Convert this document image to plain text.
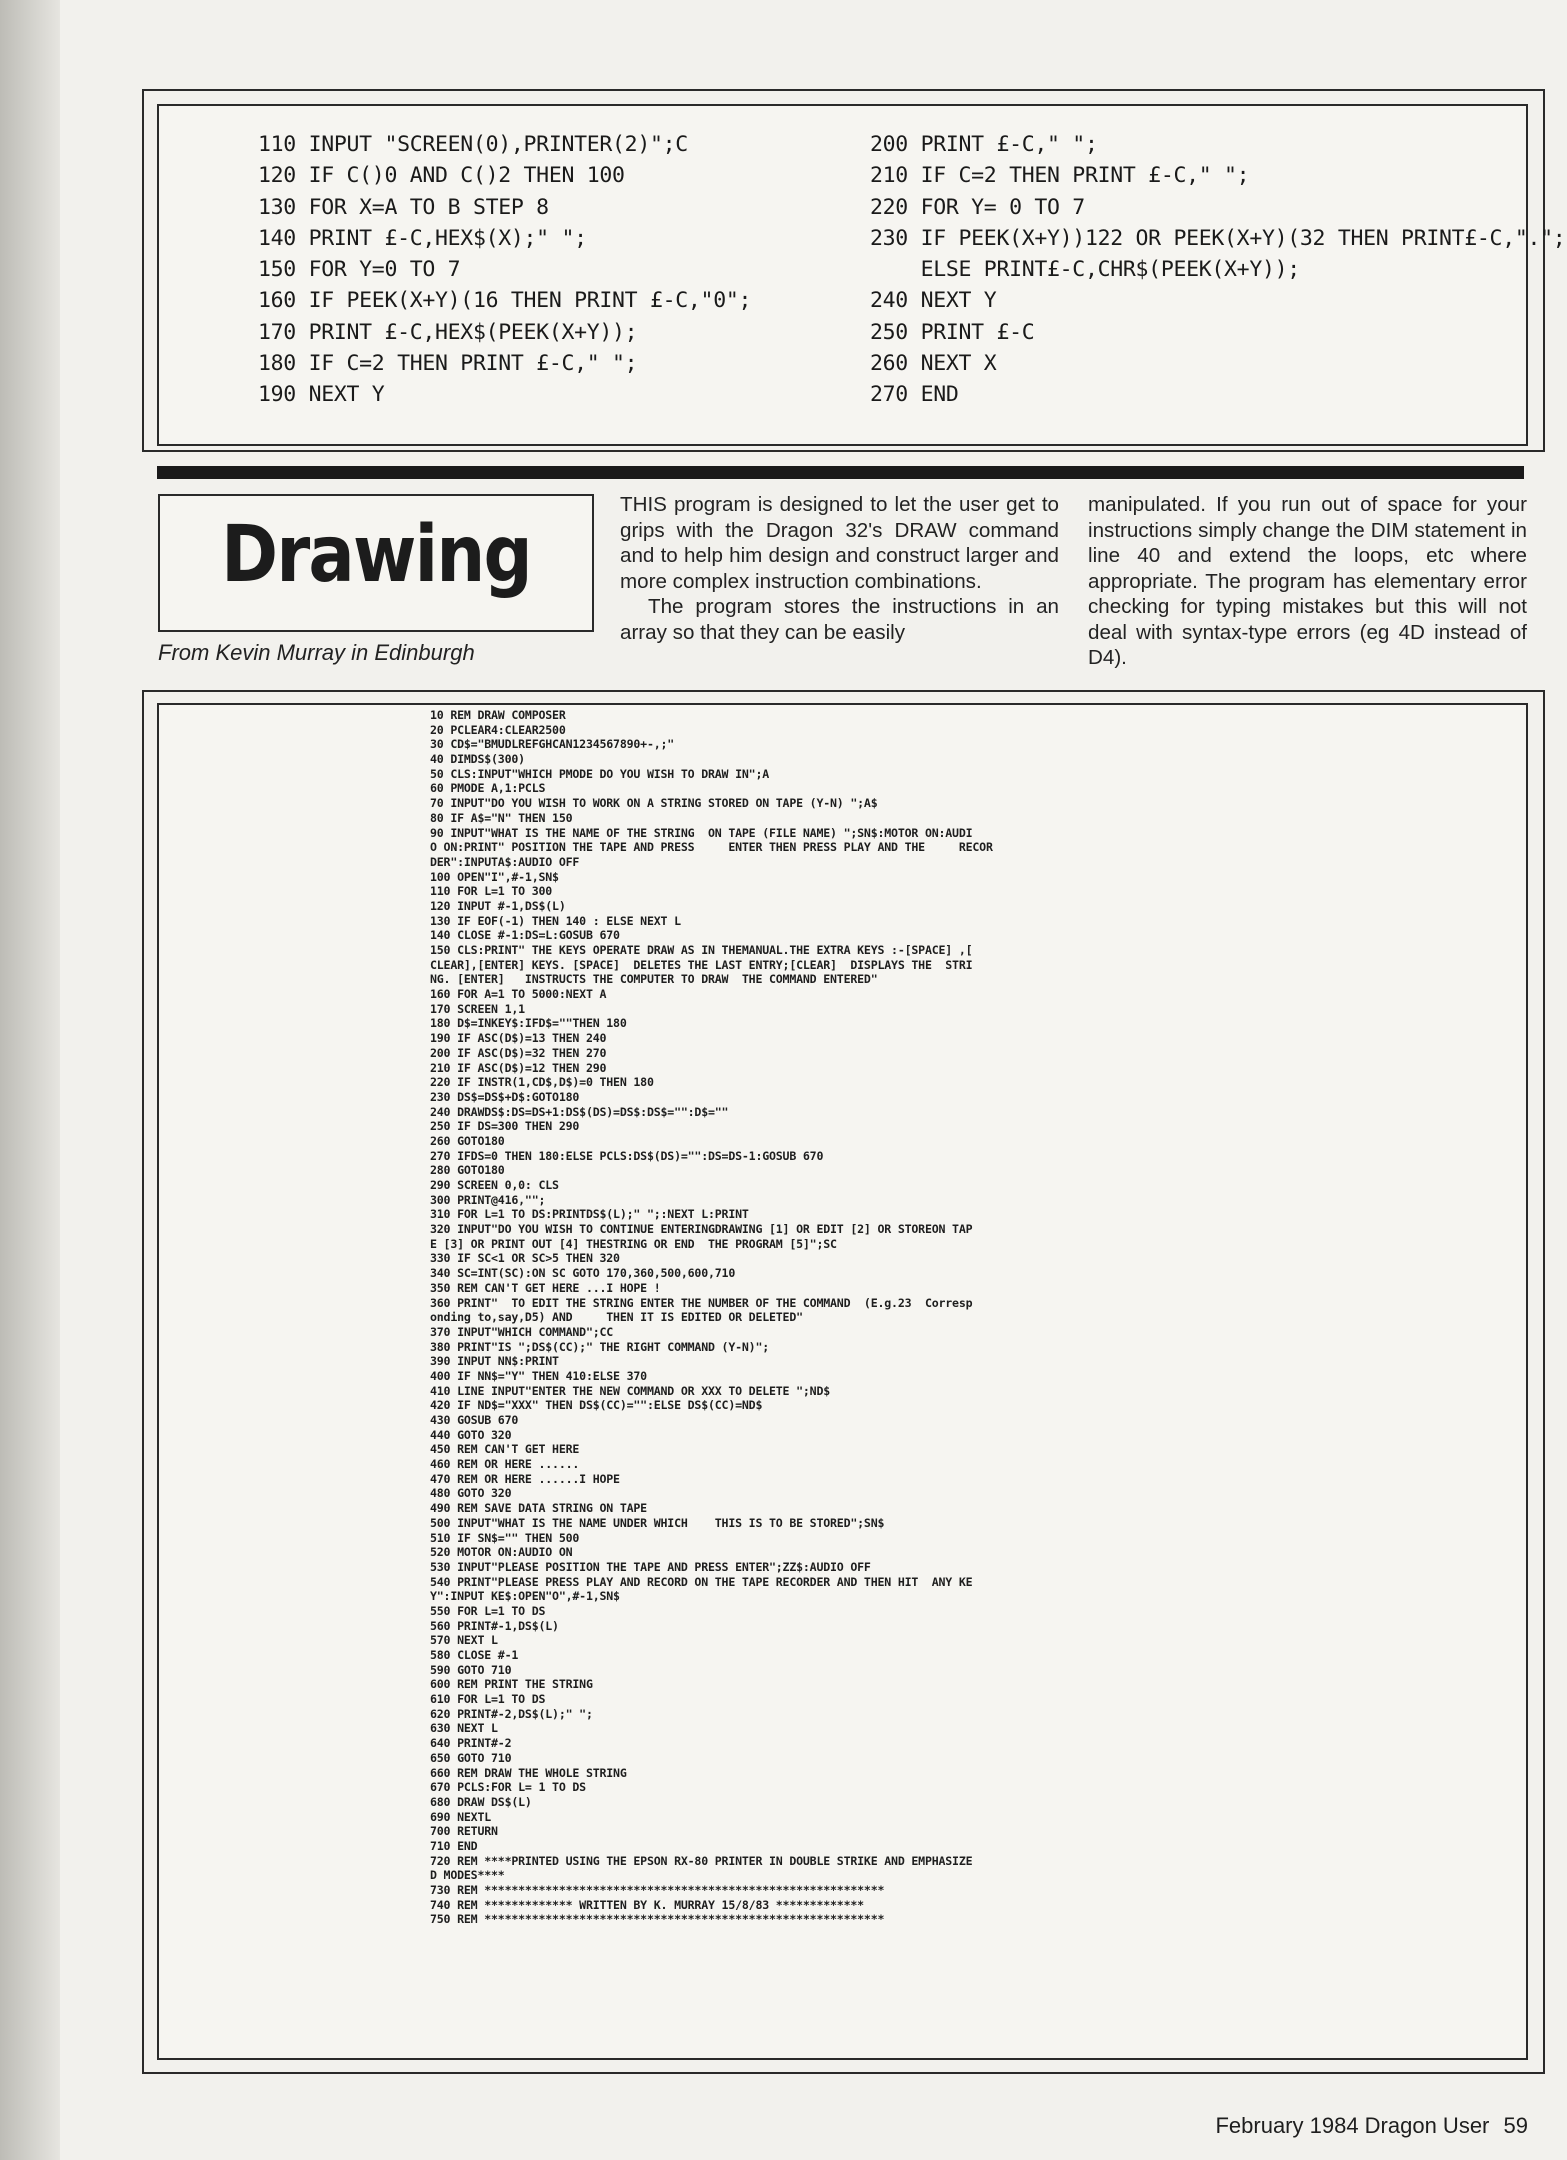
110 INPUT "SCREEN(0),PRINTER(2)";C
120 IF C()0 AND C()2 THEN 100
130 FOR X=A TO B STEP 8
140 PRINT £-C,HEX$(X);" ";
150 FOR Y=0 TO 7
160 IF PEEK(X+Y)(16 THEN PRINT £-C,"0";
170 PRINT £-C,HEX$(PEEK(X+Y));
180 IF C=2 THEN PRINT £-C," ";
190 NEXT Y
200 PRINT £-C," ";
210 IF C=2 THEN PRINT £-C," ";
220 FOR Y= 0 TO 7
230 IF PEEK(X+Y))122 OR PEEK(X+Y)(32 THEN PRINT£-C,".";
ELSE PRINT£-C,CHR$(PEEK(X+Y));
240 NEXT Y
250 PRINT £-C
260 NEXT X
270 END
Drawing
From Kevin Murray in Edinburgh

THIS program is designed to let the user get to grips with the Dragon 32's DRAW command and to help him design and construct larger and more complex instruction combinations.

The program stores the instructions in an array so that they can be easily

manipulated. If you run out of space for your instructions simply change the DIM statement in line 40 and extend the loops, etc where appropriate. The program has elementary error checking for typing mistakes but this will not deal with syntax-type errors (eg 4D instead of D4).

10 REM DRAW COMPOSER
20 PCLEAR4:CLEAR2500
30 CD$="BMUDLREFGHCAN1234567890+-,;"
40 DIMDS$(300)
50 CLS:INPUT"WHICH PMODE DO YOU WISH TO DRAW IN";A
60 PMODE A,1:PCLS
70 INPUT"DO YOU WISH TO WORK ON A STRING STORED ON TAPE (Y-N) ";A$
80 IF A$="N" THEN 150
90 INPUT"WHAT IS THE NAME OF THE STRING  ON TAPE (FILE NAME) ";SN$:MOTOR ON:AUDI
O ON:PRINT" POSITION THE TAPE AND PRESS     ENTER THEN PRESS PLAY AND THE     RECOR
DER":INPUTA$:AUDIO OFF
100 OPEN"I",#-1,SN$
110 FOR L=1 TO 300
120 INPUT #-1,DS$(L)
130 IF EOF(-1) THEN 140 : ELSE NEXT L
140 CLOSE #-1:DS=L:GOSUB 670
150 CLS:PRINT" THE KEYS OPERATE DRAW AS IN THEMANUAL.THE EXTRA KEYS :-[SPACE] ,[
CLEAR],[ENTER] KEYS. [SPACE]  DELETES THE LAST ENTRY;[CLEAR]  DISPLAYS THE  STRI
NG. [ENTER]   INSTRUCTS THE COMPUTER TO DRAW  THE COMMAND ENTERED"
160 FOR A=1 TO 5000:NEXT A
170 SCREEN 1,1
180 D$=INKEY$:IFD$=""THEN 180
190 IF ASC(D$)=13 THEN 240
200 IF ASC(D$)=32 THEN 270
210 IF ASC(D$)=12 THEN 290
220 IF INSTR(1,CD$,D$)=0 THEN 180
230 DS$=DS$+D$:GOTO180
240 DRAWDS$:DS=DS+1:DS$(DS)=DS$:DS$="":D$=""
250 IF DS=300 THEN 290
260 GOTO180
270 IFDS=0 THEN 180:ELSE PCLS:DS$(DS)="":DS=DS-1:GOSUB 670
280 GOTO180
290 SCREEN 0,0: CLS
300 PRINT@416,"";
310 FOR L=1 TO DS:PRINTDS$(L);" ";:NEXT L:PRINT
320 INPUT"DO YOU WISH TO CONTINUE ENTERINGDRAWING [1] OR EDIT [2] OR STOREON TAP
E [3] OR PRINT OUT [4] THESTRING OR END  THE PROGRAM [5]";SC
330 IF SC<1 OR SC>5 THEN 320
340 SC=INT(SC):ON SC GOTO 170,360,500,600,710
350 REM CAN'T GET HERE ...I HOPE !
360 PRINT"  TO EDIT THE STRING ENTER THE NUMBER OF THE COMMAND  (E.g.23  Corresp
onding to,say,D5) AND     THEN IT IS EDITED OR DELETED"
370 INPUT"WHICH COMMAND";CC
380 PRINT"IS ";DS$(CC);" THE RIGHT COMMAND (Y-N)";
390 INPUT NN$:PRINT
400 IF NN$="Y" THEN 410:ELSE 370
410 LINE INPUT"ENTER THE NEW COMMAND OR XXX TO DELETE ";ND$
420 IF ND$="XXX" THEN DS$(CC)="":ELSE DS$(CC)=ND$
430 GOSUB 670
440 GOTO 320
450 REM CAN'T GET HERE
460 REM OR HERE ......
470 REM OR HERE ......I HOPE
480 GOTO 320
490 REM SAVE DATA STRING ON TAPE
500 INPUT"WHAT IS THE NAME UNDER WHICH    THIS IS TO BE STORED";SN$
510 IF SN$="" THEN 500
520 MOTOR ON:AUDIO ON
530 INPUT"PLEASE POSITION THE TAPE AND PRESS ENTER";ZZ$:AUDIO OFF
540 PRINT"PLEASE PRESS PLAY AND RECORD ON THE TAPE RECORDER AND THEN HIT  ANY KE
Y":INPUT KE$:OPEN"O",#-1,SN$
550 FOR L=1 TO DS
560 PRINT#-1,DS$(L)
570 NEXT L
580 CLOSE #-1
590 GOTO 710
600 REM PRINT THE STRING
610 FOR L=1 TO DS
620 PRINT#-2,DS$(L);" ";
630 NEXT L
640 PRINT#-2
650 GOTO 710
660 REM DRAW THE WHOLE STRING
670 PCLS:FOR L= 1 TO DS
680 DRAW DS$(L)
690 NEXTL
700 RETURN
710 END
720 REM ****PRINTED USING THE EPSON RX-80 PRINTER IN DOUBLE STRIKE AND EMPHASIZE
D MODES****
730 REM ***********************************************************
740 REM ************* WRITTEN BY K. MURRAY 15/8/83 *************
750 REM ***********************************************************
February 1984 Dragon User 59
